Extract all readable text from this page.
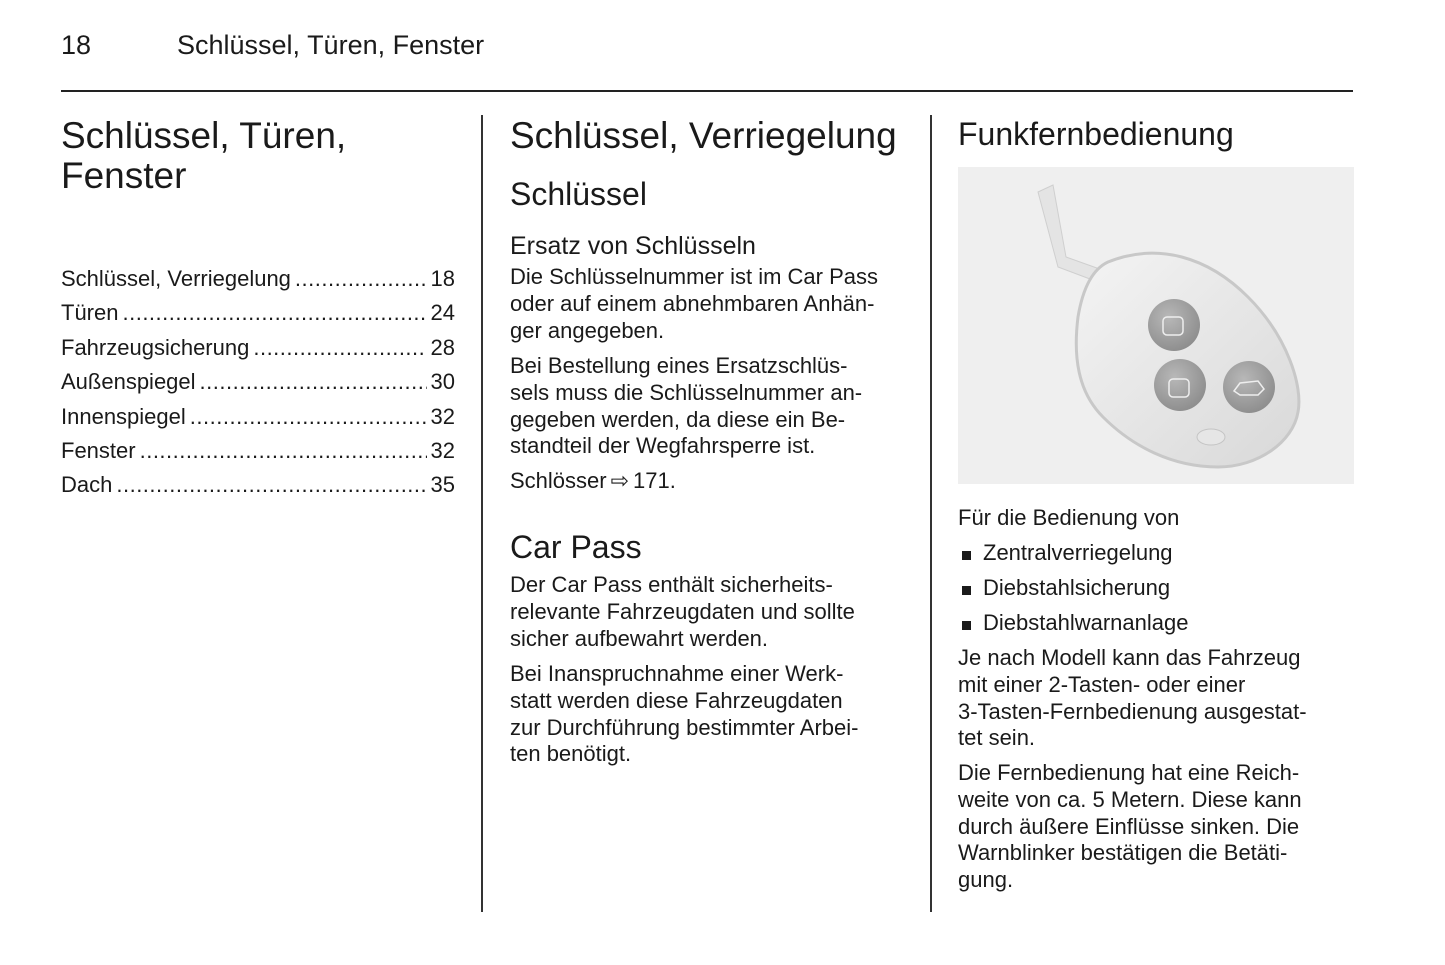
18	Schlüssel, Türen, Fenster
Schlüssel, Türen,
Fenster
Schlüssel, Verriegelung .....	18
Türen .....	24
Fahrzeugsicherung .....	28
Außenspiegel .....	30
Innenspiegel .....	32
Fenster .....	32
Dach .....	35
Schlüssel, Verriegelung
Schlüssel
Ersatz von Schlüsseln
Die Schlüsselnummer ist im Car Pass
oder auf einem abnehmbaren Anhän-
ger angegeben.
Bei Bestellung eines Ersatzschlüs-
sels muss die Schlüsselnummer an-
gegeben werden, da diese ein Be-
standteil der Wegfahrsperre ist.
Schlösser ⇨ 171.
Car Pass
Der Car Pass enthält sicherheits-
relevante Fahrzeugdaten und sollte
sicher aufbewahrt werden.
Bei Inanspruchnahme einer Werk-
statt werden diese Fahrzeugdaten
zur Durchführung bestimmter Arbei-
ten benötigt.
Funkfernbedienung
Für die Bedienung von
Zentralverriegelung
Diebstahlsicherung
Diebstahlwarnanlage
Je nach Modell kann das Fahrzeug
mit einer 2-Tasten- oder einer
3-Tasten-Fernbedienung ausgestat-
tet sein.
Die Fernbedienung hat eine Reich-
weite von ca. 5 Metern. Diese kann
durch äußere Einflüsse sinken. Die
Warnblinker bestätigen die Betäti-
gung.
